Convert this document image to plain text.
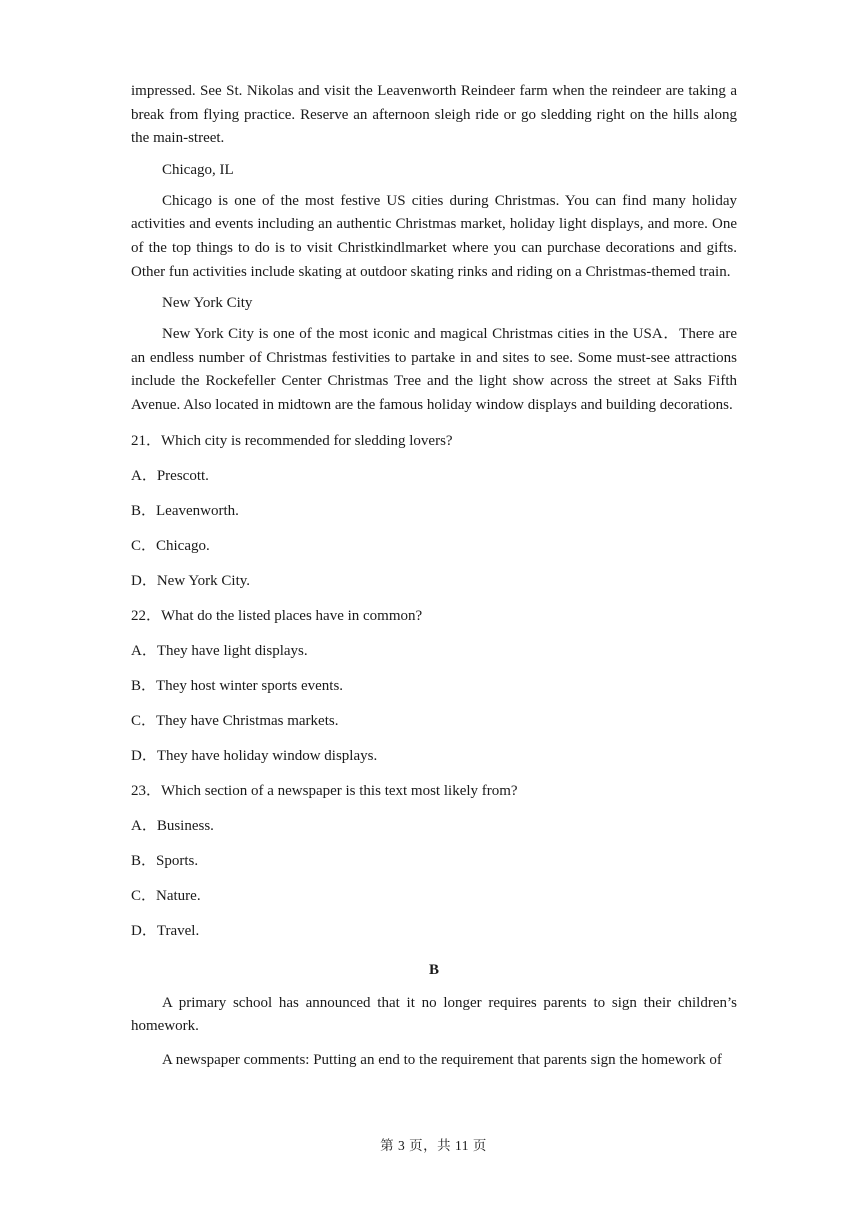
impressed. See St. Nikolas and visit the Leavenworth Reindeer farm when the reindeer are taking a break from flying practice. Reserve an afternoon sleigh ride or go sledding right on the hills along the main-street.

Chicago, IL

Chicago is one of the most festive US cities during Christmas. You can find many holiday activities and events including an authentic Christmas market, holiday light displays, and more. One of the top things to do is to visit Christkindlmarket where you can purchase decorations and gifts. Other fun activities include skating at outdoor skating rinks and riding on a Christmas-themed train.

New York City

New York City is one of the most iconic and magical Christmas cities in the USA．There are an endless number of Christmas festivities to partake in and sites to see. Some must-see attractions include the Rockefeller Center Christmas Tree and the light show across the street at Saks Fifth Avenue. Also located in midtown are the famous holiday window displays and building decorations.

21．Which city is recommended for sledding lovers?
A．Prescott.
B．Leavenworth.
C．Chicago.
D．New York City.
22．What do the listed places have in common?
A．They have light displays.
B．They host winter sports events.
C．They have Christmas markets.
D．They have holiday window displays.
23．Which section of a newspaper is this text most likely from?
A．Business.
B．Sports.
C．Nature.
D．Travel.
B

A primary school has announced that it no longer requires parents to sign their children’s homework.

A newspaper comments: Putting an end to the requirement that parents sign the homework of

第 3 页，共 11 页
